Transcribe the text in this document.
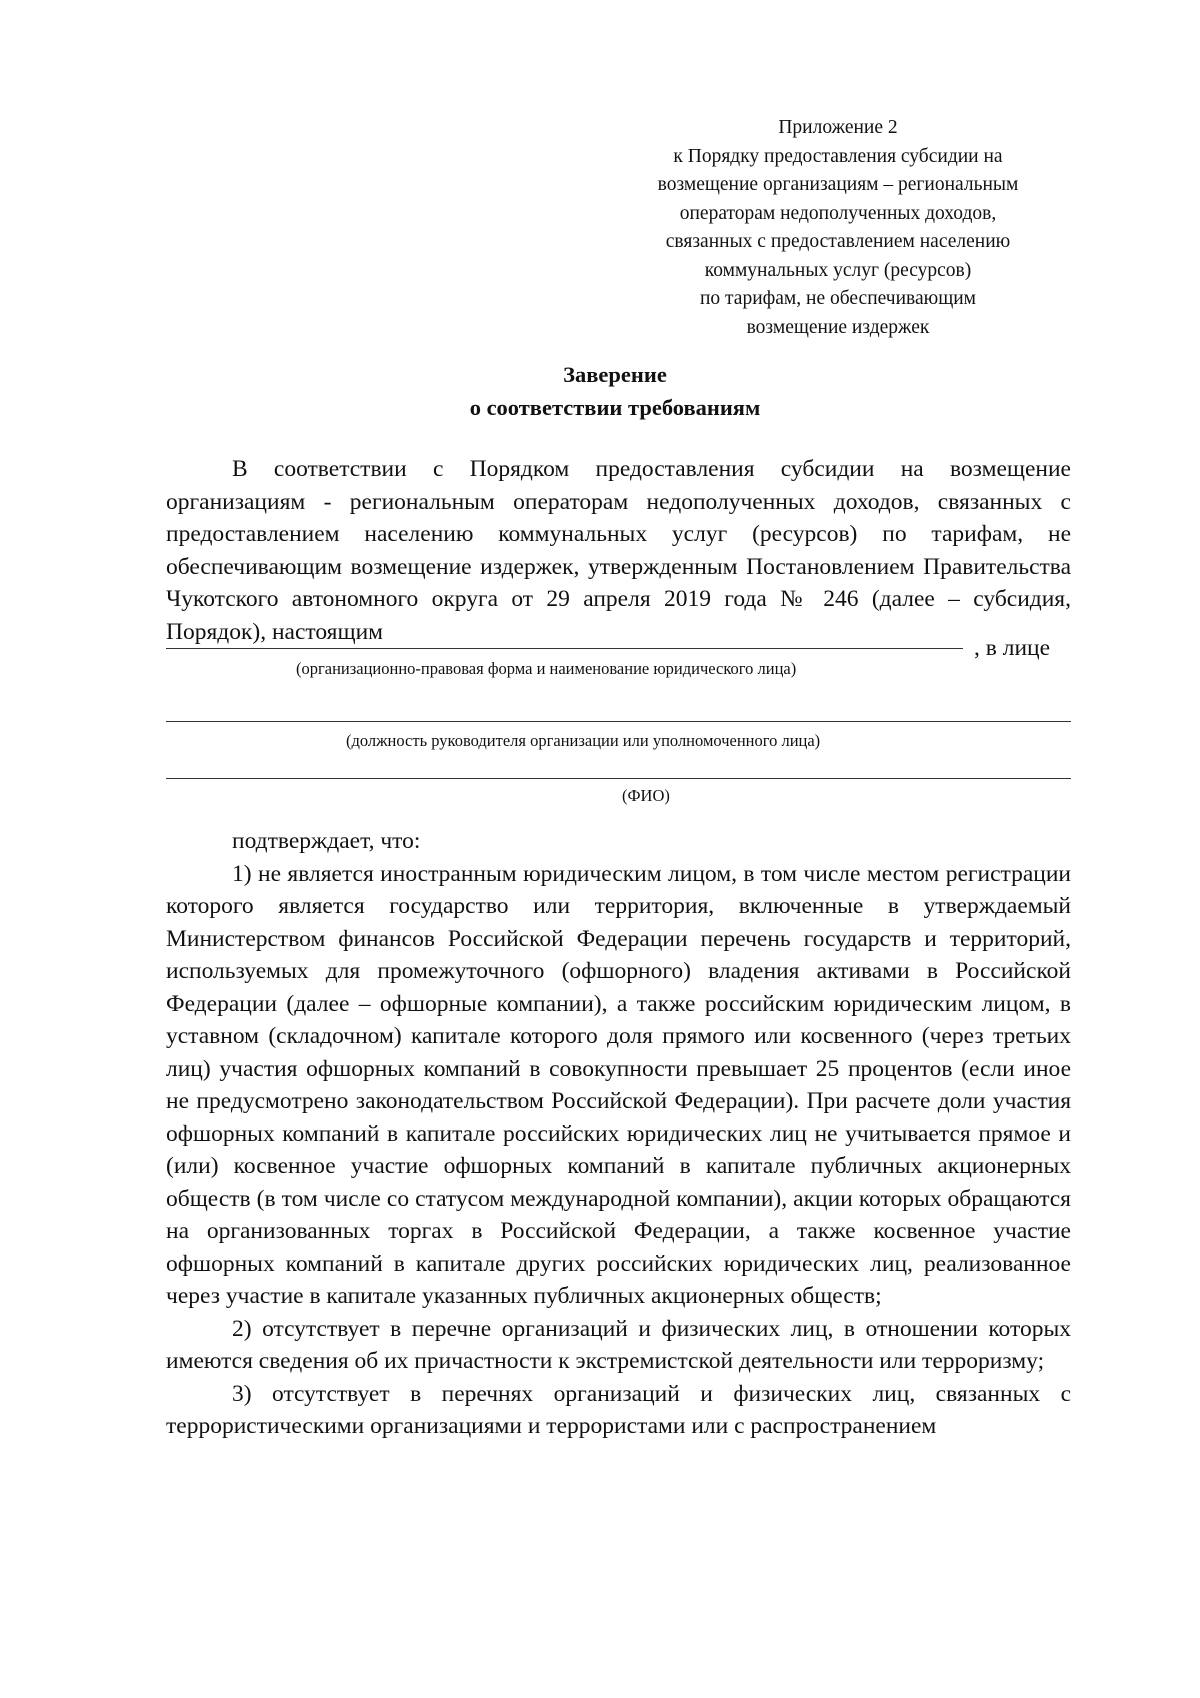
Приложение 2
к Порядку предоставления субсидии на
возмещение организациям – региональным
операторам недополученных доходов,
связанных с предоставлением населению
коммунальных услуг (ресурсов)
по тарифам, не обеспечивающим
возмещение издержек
Заверение
о соответствии требованиям

В соответствии с Порядком предоставления субсидии на возмещение организациям - региональным операторам недополученных доходов, связанных с предоставлением населению коммунальных услуг (ресурсов) по тарифам, не обеспечивающим возмещение издержек, утвержденным Постановлением Правительства Чукотского автономного округа от 29 апреля 2019 года № 246 (далее – субсидия, Порядок), настоящим

, в лице
(организационно-правовая форма и наименование юридического лица)
(должность руководителя организации или уполномоченного лица)
(ФИО)

подтверждает, что:

1) не является иностранным юридическим лицом, в том числе местом регистрации которого является государство или территория, включенные в утверждаемый Министерством финансов Российской Федерации перечень государств и территорий, используемых для промежуточного (офшорного) владения активами в Российской Федерации (далее – офшорные компании), а также российским юридическим лицом, в уставном (складочном) капитале которого доля прямого или косвенного (через третьих лиц) участия офшорных компаний в совокупности превышает 25 процентов (если иное не предусмотрено законодательством Российской Федерации). При расчете доли участия офшорных компаний в капитале российских юридических лиц не учитывается прямое и (или) косвенное участие офшорных компаний в капитале публичных акционерных обществ (в том числе со статусом международной компании), акции которых обращаются на организованных торгах в Российской Федерации, а также косвенное участие офшорных компаний в капитале других российских юридических лиц, реализованное через участие в капитале указанных публичных акционерных обществ;

2) отсутствует в перечне организаций и физических лиц, в отношении которых имеются сведения об их причастности к экстремистской деятельности или терроризму;

3) отсутствует в перечнях организаций и физических лиц, связанных с террористическими организациями и террористами или с распространением
